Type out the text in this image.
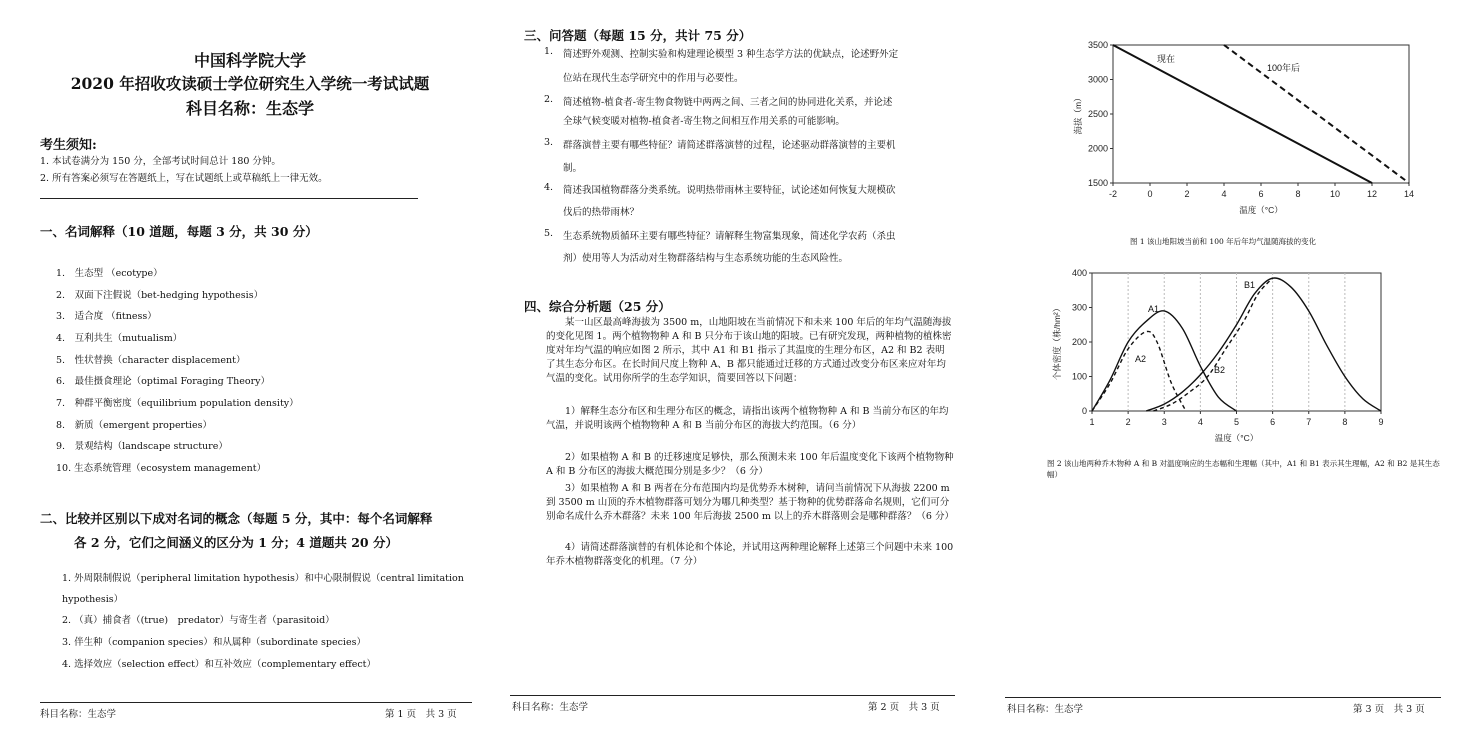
中国科学院大学
2020 年招收攻读硕士学位研究生入学统一考试试题
科目名称：生态学
考生须知:
1. 本试卷满分为 150 分，全部考试时间总计 180 分钟。
2. 所有答案必须写在答题纸上，写在试题纸上或草稿纸上一律无效。
一、名词解释（10 道题，每题 3 分，共 30 分）
1.　生态型 （ecotype）
2.　双面下注假说（bet-hedging hypothesis）
3.　适合度 （fitness）
4.　互利共生（mutualism）
5.　性状替换（character displacement）
6.　最佳摄食理论（optimal Foraging Theory）
7.　种群平衡密度（equilibrium population density）
8.　新质（emergent properties）
9.　景观结构（landscape structure）
10. 生态系统管理（ecosystem management）
二、比较并区别以下成对名词的概念（每题 5 分，其中：每个名词解释
各 2 分，它们之间涵义的区分为 1 分；4 道题共 20 分）
1. 外周限制假说（peripheral limitation hypothesis）和中心限制假说（central limitation
hypothesis）
2. （真）捕食者（(true)　predator）与寄生者（parasitoid）
3. 伴生种（companion species）和从属种（subordinate species）
4. 选择效应（selection effect）和互补效应（complementary effect）
科目名称：生态学	第 1 页　共 3 页
三、问答题（每题 15 分，共计 75 分）
1. 简述野外观测、控制实验和构建理论模型 3 种生态学方法的优缺点，论述野外定
位站在现代生态学研究中的作用与必要性。
2. 简述植物-植食者-寄生物食物链中两两之间、三者之间的协同进化关系，并论述
全球气候变暖对植物-植食者-寄生物之间相互作用关系的可能影响。
3. 群落演替主要有哪些特征？请简述群落演替的过程，论述驱动群落演替的主要机
制。
4. 简述我国植物群落分类系统。说明热带雨林主要特征，试论述如何恢复大规模砍
伐后的热带雨林？
5. 生态系统物质循环主要有哪些特征？请解释生物富集现象，简述化学农药（杀虫
剂）使用等人为活动对生物群落结构与生态系统功能的生态风险性。
四、综合分析题（25 分）
　　某一山区最高峰海拔为 3500 m，山地阳坡在当前情况下和未来 100 年后的年均气温随海拔的变化见图 1。两个植物物种 A 和 B 只分布于该山地的阳坡。已有研究发现，两种植物的植株密度对年均气温的响应如图 2 所示，其中 A1 和 B1 指示了其温度的生理分布区，A2 和 B2 表明了其生态分布区。在长时间尺度上物种 A、B 都只能通过迁移的方式通过改变分布区来应对年均气温的变化。试用你所学的生态学知识，简要回答以下问题：
　　1）解释生态分布区和生理分布区的概念，请指出该两个植物物种 A 和 B 当前分布区的年均气温，并说明该两个植物物种 A 和 B 当前分布区的海拔大约范围。（6 分）
　　2）如果植物 A 和 B 的迁移速度足够快，那么预测未来 100 年后温度变化下该两个植物物种 A 和 B 分布区的海拔大概范围分别是多少？（6 分）
　　3）如果植物 A 和 B 两者在分布范围内均是优势乔木树种，请问当前情况下从海拔 2200 m 到 3500 m 山顶的乔木植物群落可划分为哪几种类型？基于物种的优势群落命名规则，它们可分别命名成什么乔木群落？未来 100 年后海拔 2500 m 以上的乔木群落则会是哪种群落？（6 分）
　　4）请简述群落演替的有机体论和个体论，并试用这两种理论解释上述第三个问题中未来 100 年乔木植物群落变化的机理。（7 分）
科目名称：生态学	第 2 页　共 3 页
-2	0	2	4	6	8	10	12	14
1500
2000
2500
3000
3500
温度（°C）
海拔（m）
现在
100年后
图 1 该山地阳坡当前和 100 年后年均气温随海拔的变化
1	2	3	4	5	6	7	8	9
0
100
200
300
400
温度（°C）
个体密度（株/hm²）	A1
A2
B1
B2
图 2 该山地两种乔木物种 A 和 B 对温度响应的生态幅和生理幅（其中，A1 和 B1 表示其生理幅，A2 和 B2 是其生态幅）
科目名称：生态学	第 3 页　共 3 页
